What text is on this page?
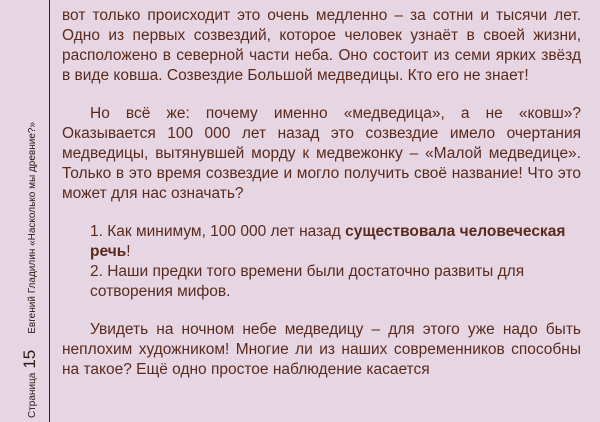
Страница
15
Евгений Гладилин «Насколько мы древние?»

вот только происходит это очень медленно – за сотни и тысячи лет. Одно из первых созвездий, которое человек узнаёт в своей жизни, расположено в северной части неба. Оно состоит из семи ярких звёзд в виде ковша. Созвездие Большой медведицы. Кто его не знает!

Но всё же: почему именно «медведица», а не «ковш»? Оказывается 100 000 лет назад это созвездие имело очертания медведицы, вытянувшей морду к медвежонку – «Малой медведице». Только в это время созвездие и могло получить своё название! Что это может для нас означать?

1. Как минимум, 100 000 лет назад существовала человеческая речь!

2. Наши предки того времени были достаточно развиты для сотворения мифов.

Увидеть на ночном небе медведицу – для этого уже надо быть неплохим художником! Многие ли из наших современников способны на такое? Ещё одно простое наблюдение касается
